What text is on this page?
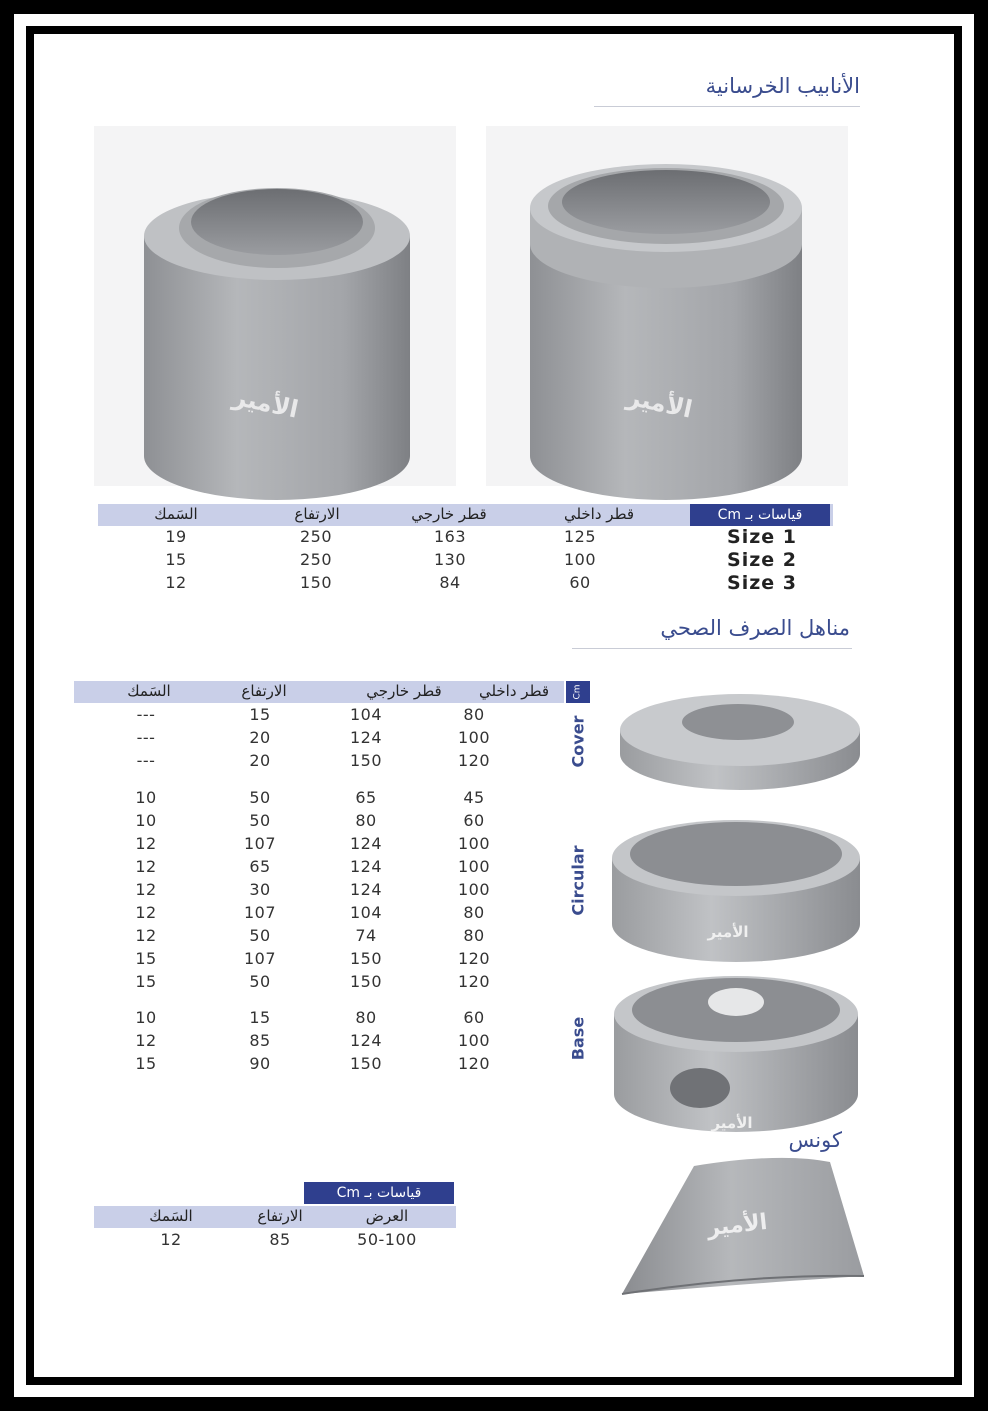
الأنابيب الخرسانية
الأمير	الأمير
قياسات بـ Cm
قطر داخلي
قطر خارجي
الارتفاع
السَمك
Size 1
125
163
250
19
Size 2
100
130
250
15
Size 3
60
84
150
12
مناهل الصرف الصحي
Cm
قطر داخلي
قطر خارجي
الارتفاع
السَمك
80
104
15
---
100
124
20
---
120
150
20
---
45
65
50
10
60
80
50
10
100
124
107
12
100
124
65
12
100
124
30
12
80
104
107
12
80
74
50
12
120
150
107
15
120
150
50
15
60
80
15
10
100
124
85
12
120
150
90
15
Cover
Circular
Base
الأمير
الأمير
كونس
الأمير
قياسات بـ Cm
العرض
الارتفاع
السَمك
50-100
85
12
